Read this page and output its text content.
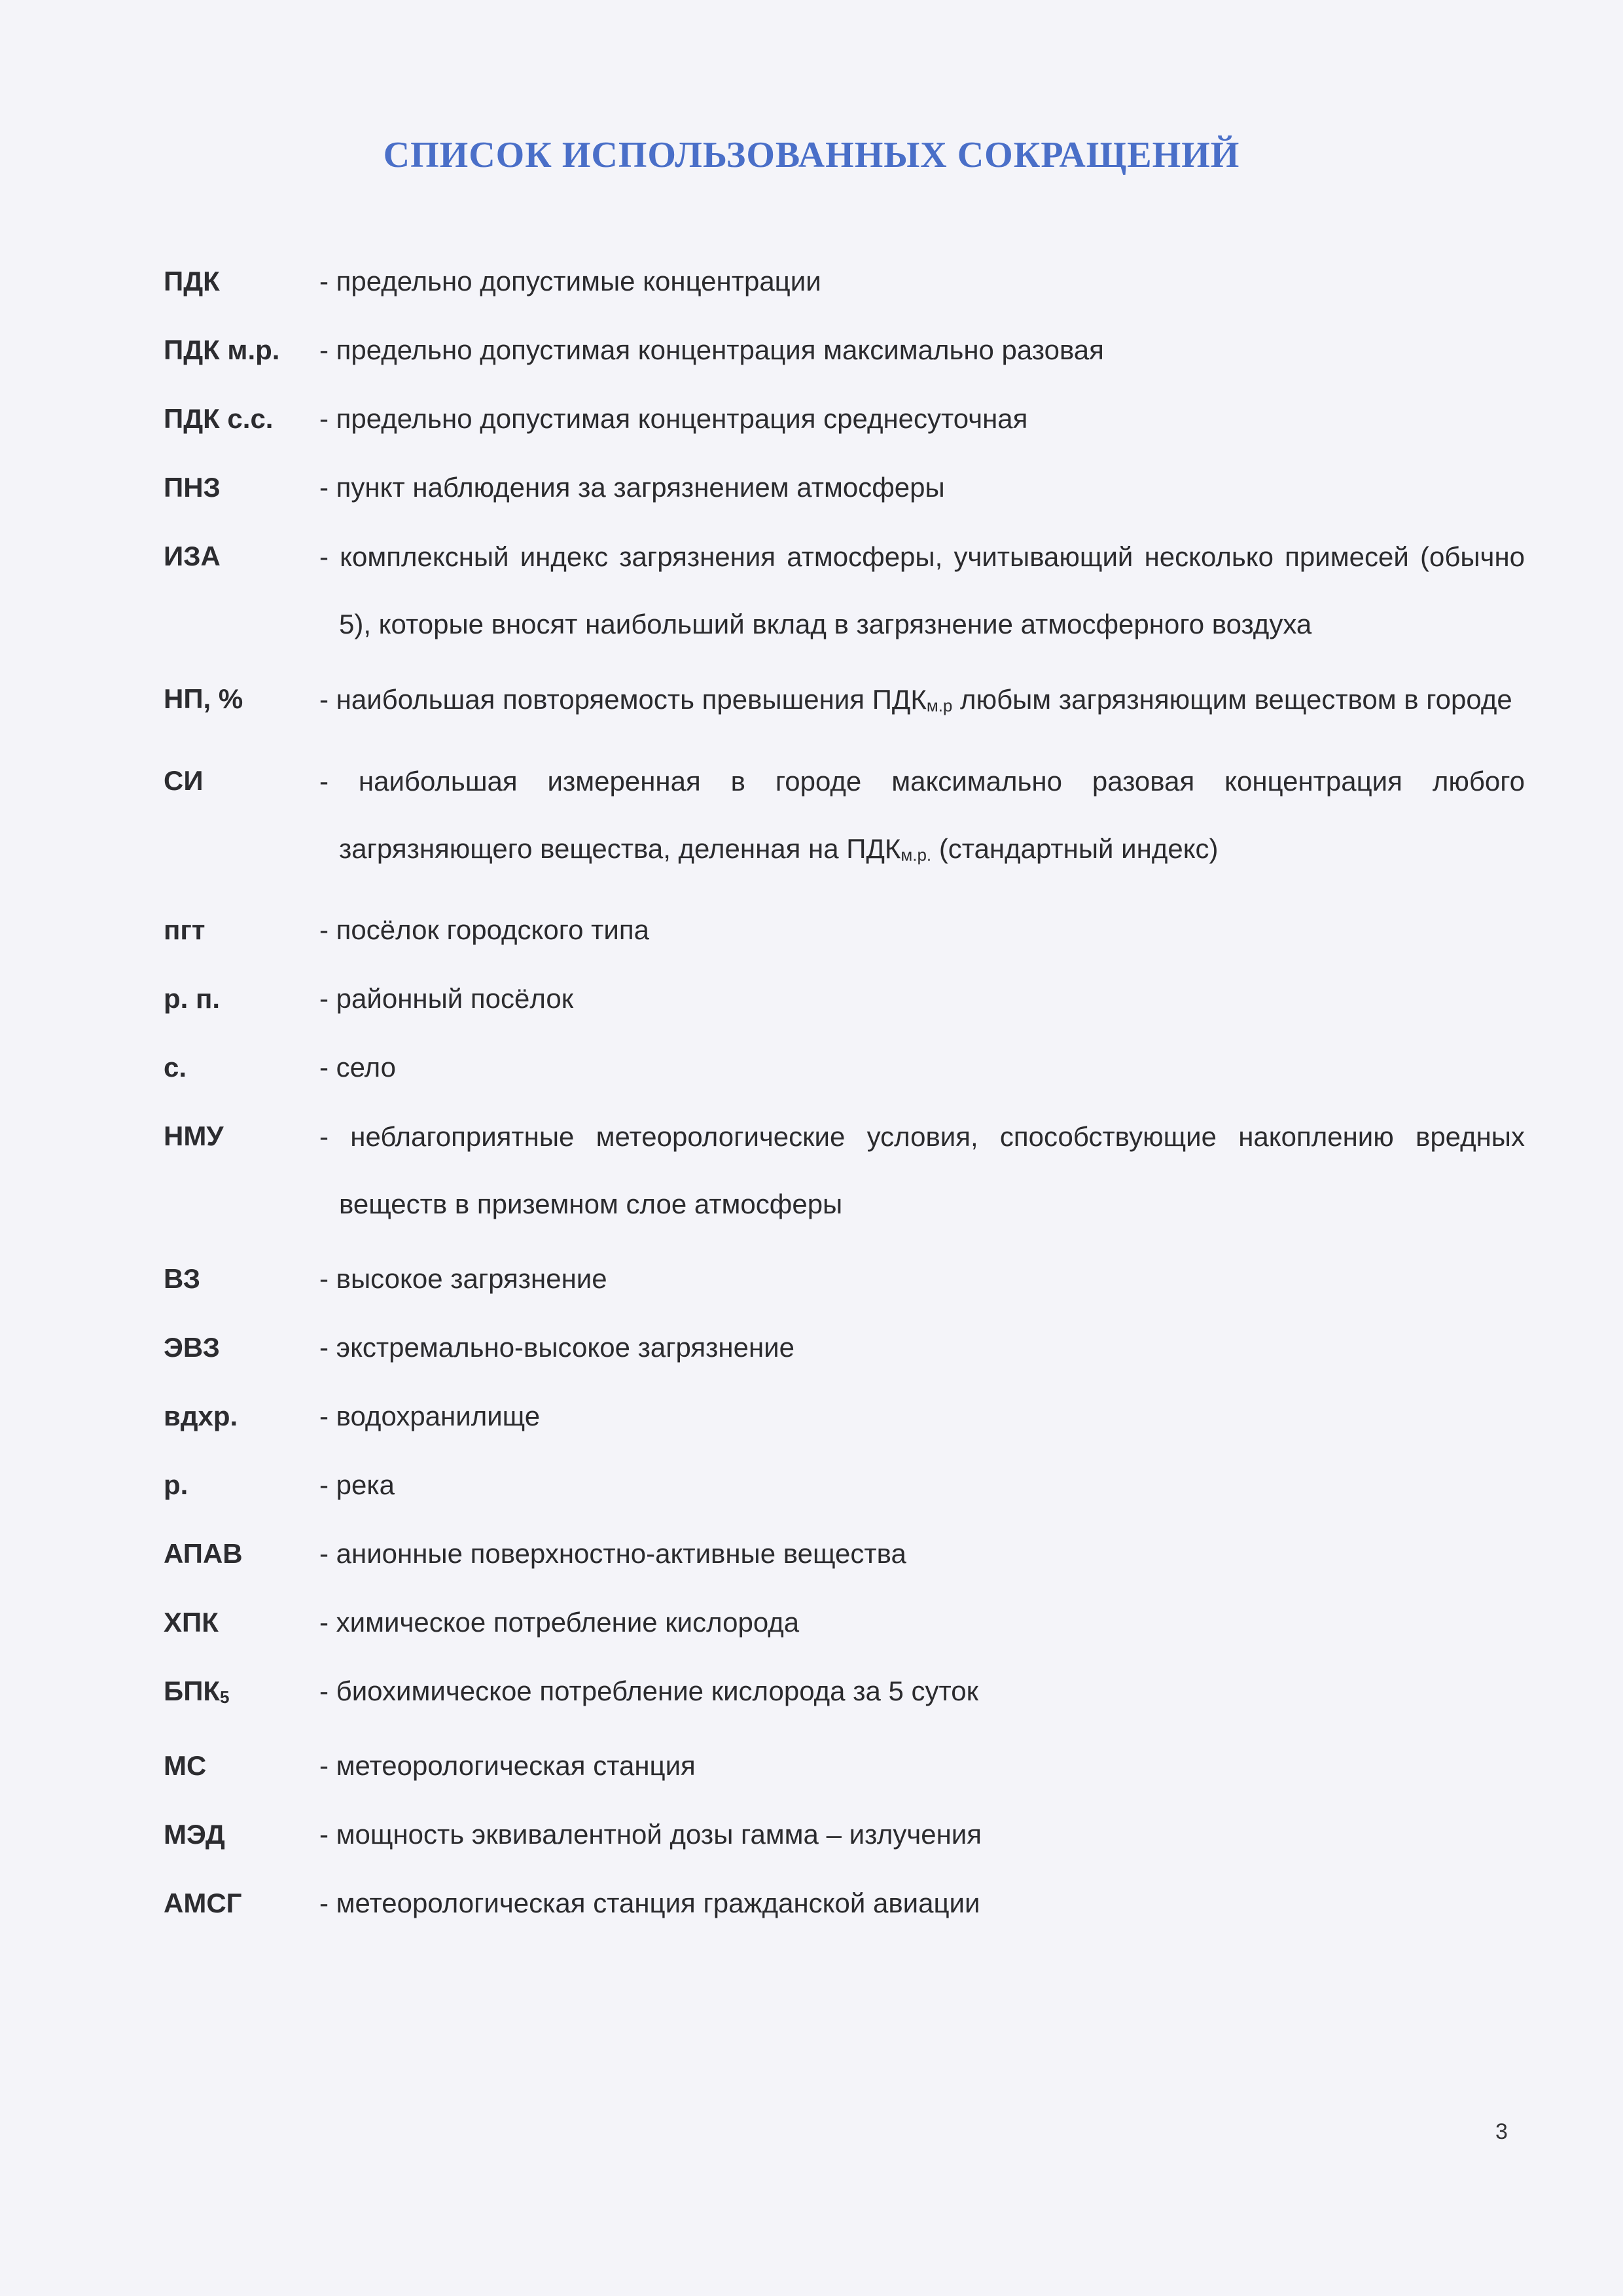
СПИСОК ИСПОЛЬЗОВАННЫХ СОКРАЩЕНИЙ
ПДК	- предельно допустимые концентрации
ПДК м.р.	- предельно допустимая концентрация максимально разовая
ПДК с.с.	- предельно допустимая концентрация среднесуточная
ПНЗ	- пункт наблюдения за загрязнением атмосферы
ИЗА	- комплексный индекс загрязнения атмосферы, учитывающий несколько примесей (обычно 5), которые вносят наибольший вклад в загрязнение атмосферного воздуха
НП, %	- наибольшая повторяемость превышения ПДКм.р любым загрязняющим веществом в городе
СИ	- наибольшая измеренная в городе максимально разовая концентрация любого загрязняющего вещества, деленная на ПДКм.р. (стандартный индекс)
пгт	- посёлок городского типа
р. п.	- районный посёлок
с.	- село
НМУ	- неблагоприятные метеорологические условия, способствующие накоплению вредных веществ в приземном слое атмосферы
ВЗ	- высокое загрязнение
ЭВЗ	- экстремально-высокое загрязнение
вдхр.	- водохранилище
р.	- река
АПАВ	- анионные поверхностно-активные вещества
ХПК	- химическое потребление кислорода
БПК5	- биохимическое потребление кислорода за 5 суток
МС	- метеорологическая станция
МЭД	- мощность эквивалентной дозы гамма – излучения
АМСГ	- метеорологическая станция гражданской авиации
3
